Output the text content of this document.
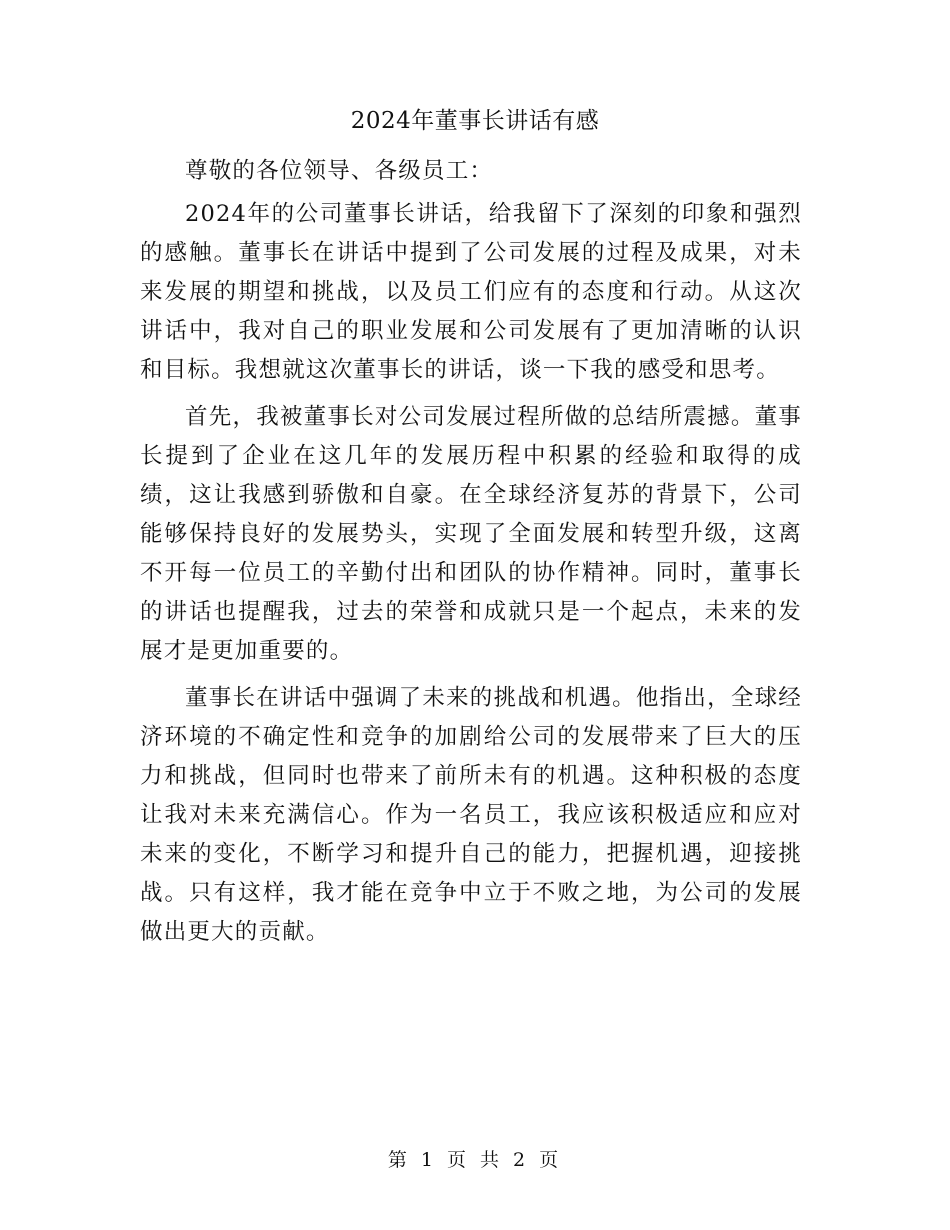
2024年董事长讲话有感

尊敬的各位领导、各级员工：

2024年的公司董事长讲话，给我留下了深刻的印象和强烈的感触。董事长在讲话中提到了公司发展的过程及成果，对未来发展的期望和挑战，以及员工们应有的态度和行动。从这次讲话中，我对自己的职业发展和公司发展有了更加清晰的认识和目标。我想就这次董事长的讲话，谈一下我的感受和思考。

首先，我被董事长对公司发展过程所做的总结所震撼。董事长提到了企业在这几年的发展历程中积累的经验和取得的成绩，这让我感到骄傲和自豪。在全球经济复苏的背景下，公司能够保持良好的发展势头，实现了全面发展和转型升级，这离不开每一位员工的辛勤付出和团队的协作精神。同时，董事长的讲话也提醒我，过去的荣誉和成就只是一个起点，未来的发展才是更加重要的。

董事长在讲话中强调了未来的挑战和机遇。他指出，全球经济环境的不确定性和竞争的加剧给公司的发展带来了巨大的压力和挑战，但同时也带来了前所未有的机遇。这种积极的态度让我对未来充满信心。作为一名员工，我应该积极适应和应对未来的变化，不断学习和提升自己的能力，把握机遇，迎接挑战。只有这样，我才能在竞争中立于不败之地，为公司的发展做出更大的贡献。

第 1 页 共 2 页
